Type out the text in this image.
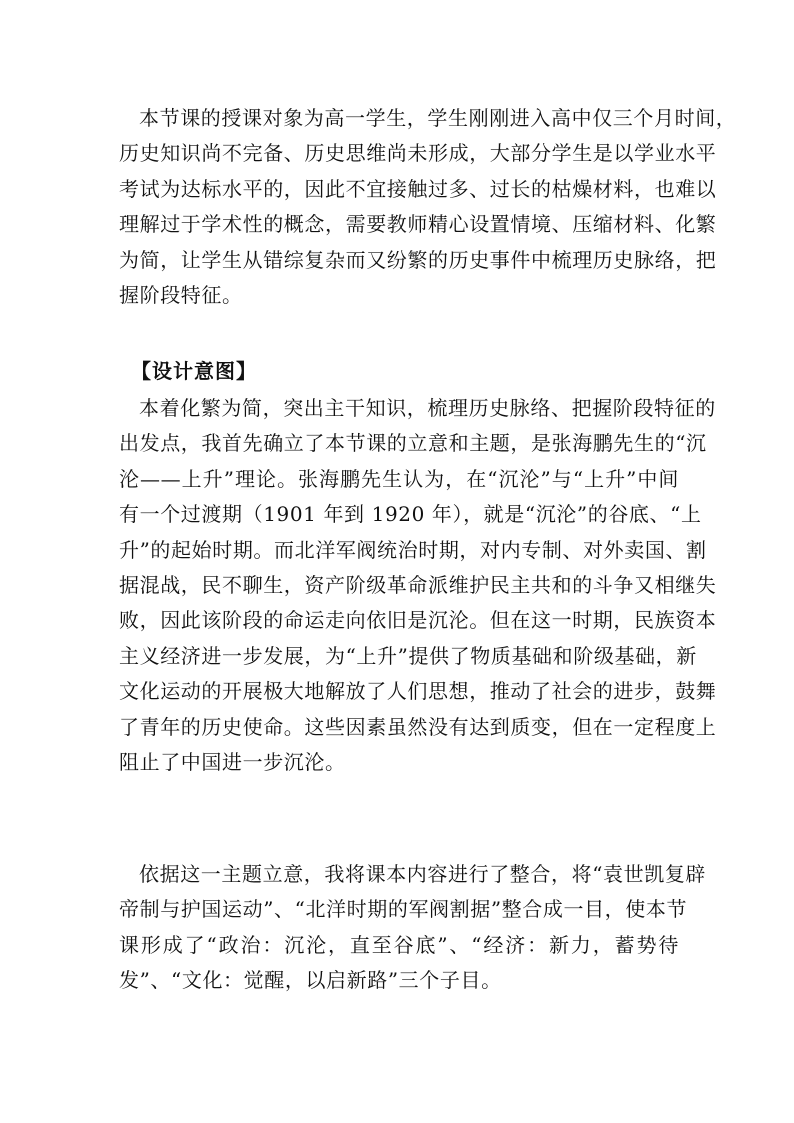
本节课的授课对象为高一学生，学生刚刚进入高中仅三个月时间，
历史知识尚不完备、历史思维尚未形成，大部分学生是以学业水平
考试为达标水平的，因此不宜接触过多、过长的枯燥材料，也难以
理解过于学术性的概念，需要教师精心设置情境、压缩材料、化繁
为简，让学生从错综复杂而又纷繁的历史事件中梳理历史脉络，把
握阶段特征。
【设计意图】
本着化繁为简，突出主干知识，梳理历史脉络、把握阶段特征的
出发点，我首先确立了本节课的立意和主题，是张海鹏先生的“沉
沦——上升”理论。张海鹏先生认为，在“沉沦”与“上升”中间
有一个过渡期（1901 年到 1920 年），就是“沉沦”的谷底、“上
升”的起始时期。而北洋军阀统治时期，对内专制、对外卖国、割
据混战，民不聊生，资产阶级革命派维护民主共和的斗争又相继失
败，因此该阶段的命运走向依旧是沉沦。但在这一时期，民族资本
主义经济进一步发展，为“上升”提供了物质基础和阶级基础，新
文化运动的开展极大地解放了人们思想，推动了社会的进步，鼓舞
了青年的历史使命。这些因素虽然没有达到质变，但在一定程度上
阻止了中国进一步沉沦。
依据这一主题立意，我将课本内容进行了整合，将“袁世凯复辟
帝制与护国运动”、“北洋时期的军阀割据”整合成一目，使本节
课形成了“政治：沉沦，直至谷底”、“经济：新力，蓄势待
发”、“文化：觉醒，以启新路”三个子目。
